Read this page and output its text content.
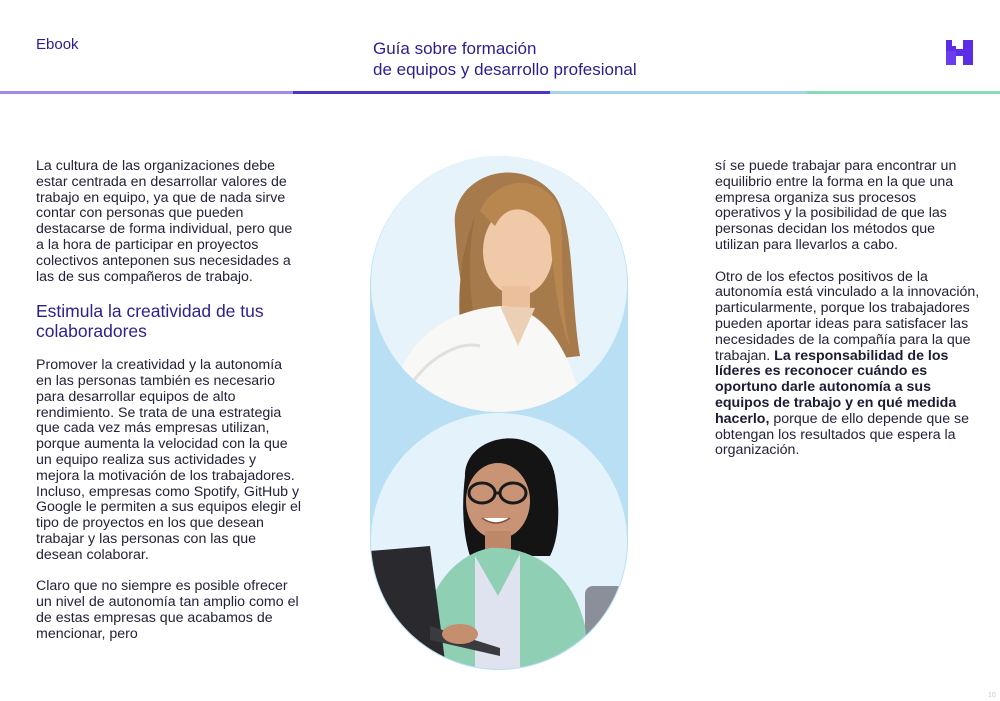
Ebook	Guía sobre formación
de equipos y desarrollo profesional

La cultura de las organizaciones debe estar centrada en desarrollar valores de trabajo en equipo, ya que de nada sirve contar con personas que pueden destacarse de forma individual, pero que a la hora de participar en proyectos colectivos anteponen sus necesidades a las de sus compañeros de trabajo.

Estimula la creatividad de tus colaboradores

Promover la creatividad y la autonomía en las personas también es necesario para desarrollar equipos de alto rendimiento. Se trata de una estrategia que cada vez más empresas utilizan, porque aumenta la velocidad con la que un equipo realiza sus actividades y mejora la motivación de los trabajadores. Incluso, empresas como Spotify, GitHub y Google le permiten a sus equipos elegir el tipo de proyectos en los que desean trabajar y las personas con las que desean colaborar.

Claro que no siempre es posible ofrecer un nivel de autonomía tan amplio como el de estas empresas que acabamos de mencionar, pero

sí se puede trabajar para encontrar un equilibrio entre la forma en la que una empresa organiza sus procesos operativos y la posibilidad de que las personas decidan los métodos que utilizan para llevarlos a cabo.

Otro de los efectos positivos de la autonomía está vinculado a la innovación, particularmente, porque los trabajadores pueden aportar ideas para satisfacer las necesidades de la compañía para la que trabajan. La responsabilidad de los líderes es reconocer cuándo es oportuno darle autonomía a sus equipos de trabajo y en qué medida hacerlo, porque de ello depende que se obtengan los resultados que espera la organización.

10
